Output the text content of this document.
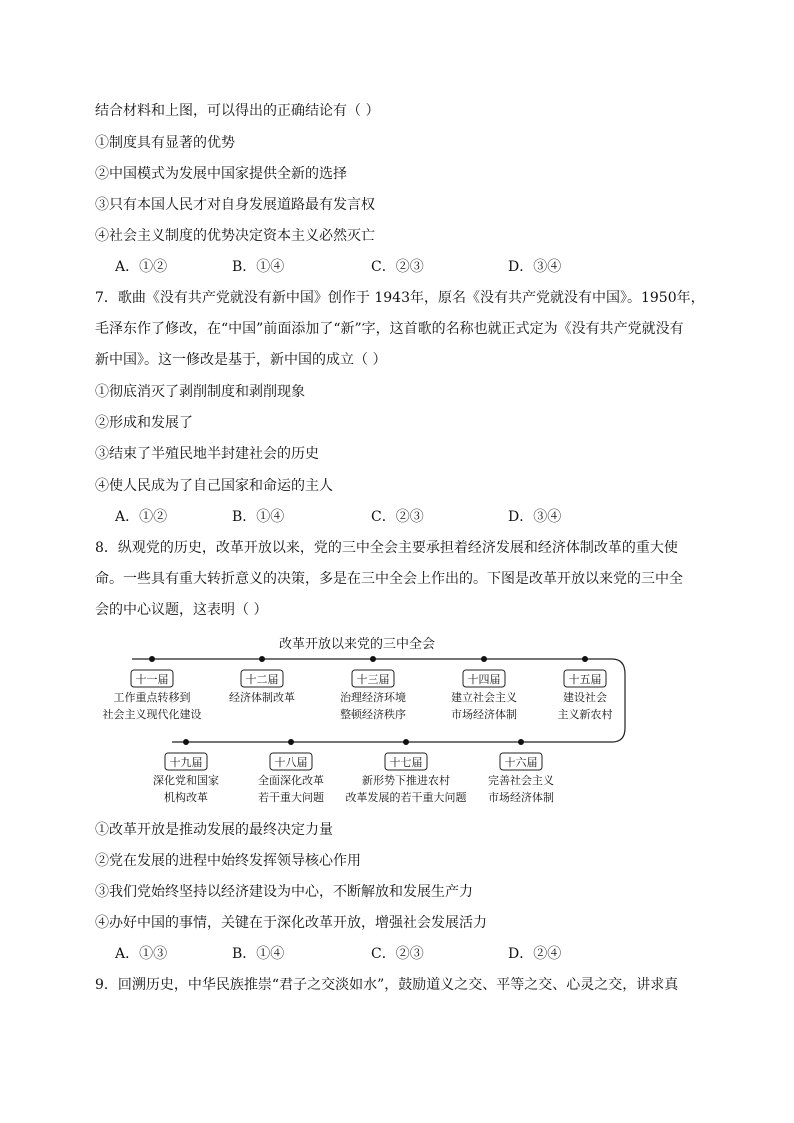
结合材料和上图，可以得出的正确结论有（ ）
①制度具有显著的优势
②中国模式为发展中国家提供全新的选择
③只有本国人民才对自身发展道路最有发言权
④社会主义制度的优势决定资本主义必然灭亡
A．①②	B．①④	C．②③	D．③④
7．歌曲《没有共产党就没有新中国》创作于 1943年，原名《没有共产党就没有中国》。1950年，
毛泽东作了修改，在“中国”前面添加了“新”字，这首歌的名称也就正式定为《没有共产党就没有
新中国》。这一修改是基于，新中国的成立（ ）
①彻底消灭了剥削制度和剥削现象
②形成和发展了
③结束了半殖民地半封建社会的历史
④使人民成为了自己国家和命运的主人
A．①②	B．①④	C．②③	D．③④
8．纵观党的历史，改革开放以来，党的三中全会主要承担着经济发展和经济体制改革的重大使
命。一些具有重大转折意义的决策，多是在三中全会上作出的。下图是改革开放以来党的三中全
会的中心议题，这表明（ ）
改革开放以来党的三中全会
十一届
工作重点转移到
社会主义现代化建设
十二届
经济体制改革
十三届
治理经济环境
整顿经济秩序
十四届
建立社会主义
市场经济体制
十五届
建设社会
主义新农村
十九届
深化党和国家
机构改革
十八届
全面深化改革
若干重大问题
十七届
新形势下推进农村
改革发展的若干重大问题
十六届
完善社会主义
市场经济体制
①改革开放是推动发展的最终决定力量
②党在发展的进程中始终发挥领导核心作用
③我们党始终坚持以经济建设为中心，不断解放和发展生产力
④办好中国的事情，关键在于深化改革开放，增强社会发展活力
A．①③	B．①④	C．②③	D．②④
9．回溯历史，中华民族推崇“君子之交淡如水”，鼓励道义之交、平等之交、心灵之交，讲求真
